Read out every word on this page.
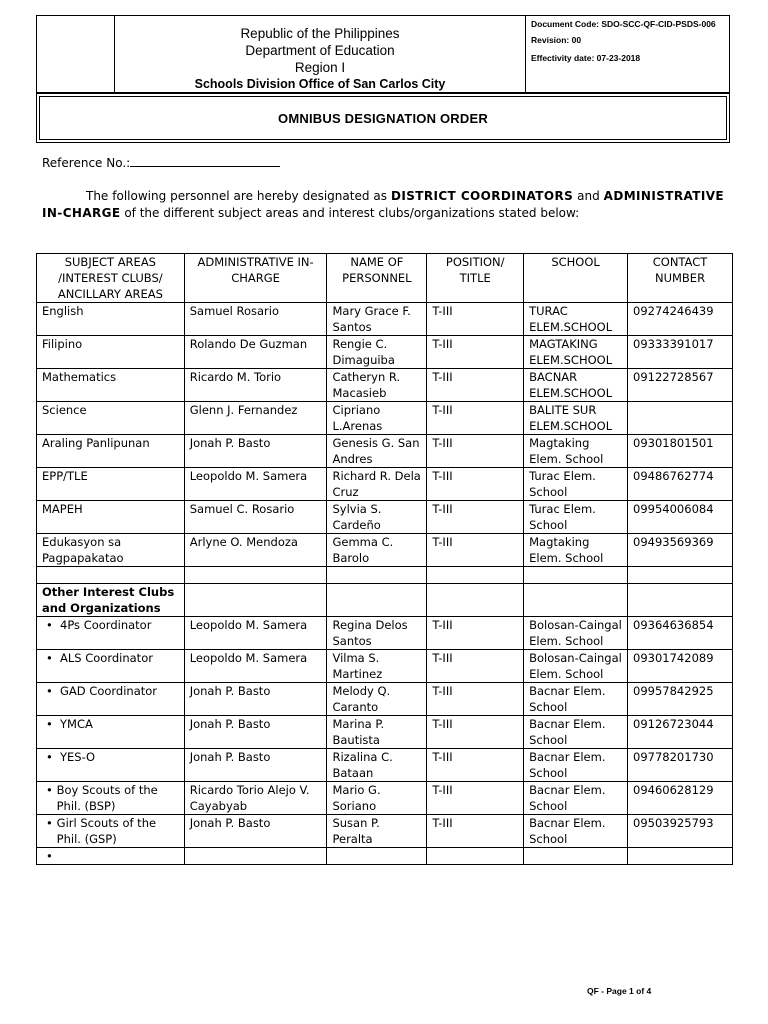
Republic of the Philippines
Department of Education
Region I
Schools Division Office of San Carlos City
Document Code: SDO-SCC-QF-CID-PSDS-006
Revision: 00
Effectivity date: 07-23-2018
OMNIBUS DESIGNATION ORDER
Reference No.:
The following personnel are hereby designated as DISTRICT COORDINATORS and ADMINISTRATIVE IN-CHARGE of the different subject areas and interest clubs/organizations stated below:
SUBJECT AREAS /INTEREST CLUBS/ ANCILLARY AREAS	ADMINISTRATIVE IN-CHARGE	NAME OF PERSONNEL	POSITION/ TITLE	SCHOOL	CONTACT NUMBER
English	Samuel Rosario	Mary Grace F. Santos	T-III	TURAC ELEM.SCHOOL	09274246439
Filipino	Rolando De Guzman	Rengie C. Dimaguiba	T-III	MAGTAKING ELEM.SCHOOL	09333391017
Mathematics	Ricardo M. Torio	Catheryn R. Macasieb	T-III	BACNAR ELEM.SCHOOL	09122728567
Science	Glenn J. Fernandez	Cipriano L.Arenas	T-III	BALITE SUR ELEM.SCHOOL	
Araling Panlipunan	Jonah P. Basto	Genesis G. San Andres	T-III	Magtaking Elem. School	09301801501
EPP/TLE	Leopoldo M. Samera	Richard R. Dela Cruz	T-III	Turac Elem. School	09486762774
MAPEH	Samuel C. Rosario	Sylvia S. Cardeño	T-III	Turac Elem. School	09954006084
Edukasyon sa Pagpapakatao	Arlyne O. Mendoza	Gemma C. Barolo	T-III	Magtaking Elem. School	09493569369

Other Interest Clubs and Organizations					

• 4Ps Coordinator	Leopoldo M. Samera	Regina Delos Santos	T-III	Bolosan-Caingal Elem. School	09364636854

• ALS Coordinator	Leopoldo M. Samera	Vilma S. Martinez	T-III	Bolosan-Caingal Elem. School	09301742089

• GAD Coordinator	Jonah P. Basto	Melody Q. Caranto	T-III	Bacnar Elem. School	09957842925

• YMCA	Jonah P. Basto	Marina P. Bautista	T-III	Bacnar Elem. School	09126723044

• YES-O	Jonah P. Basto	Rizalina C. Bataan	T-III	Bacnar Elem. School	09778201730

• Boy Scouts of the Phil. (BSP)	Ricardo Torio Alejo V. Cayabyab	Mario G. Soriano	T-III	Bacnar Elem. School	09460628129

• Girl Scouts of the Phil. (GSP)	Jonah P. Basto	Susan P. Peralta	T-III	Bacnar Elem. School	09503925793

•					

QF - Page 1 of 4
